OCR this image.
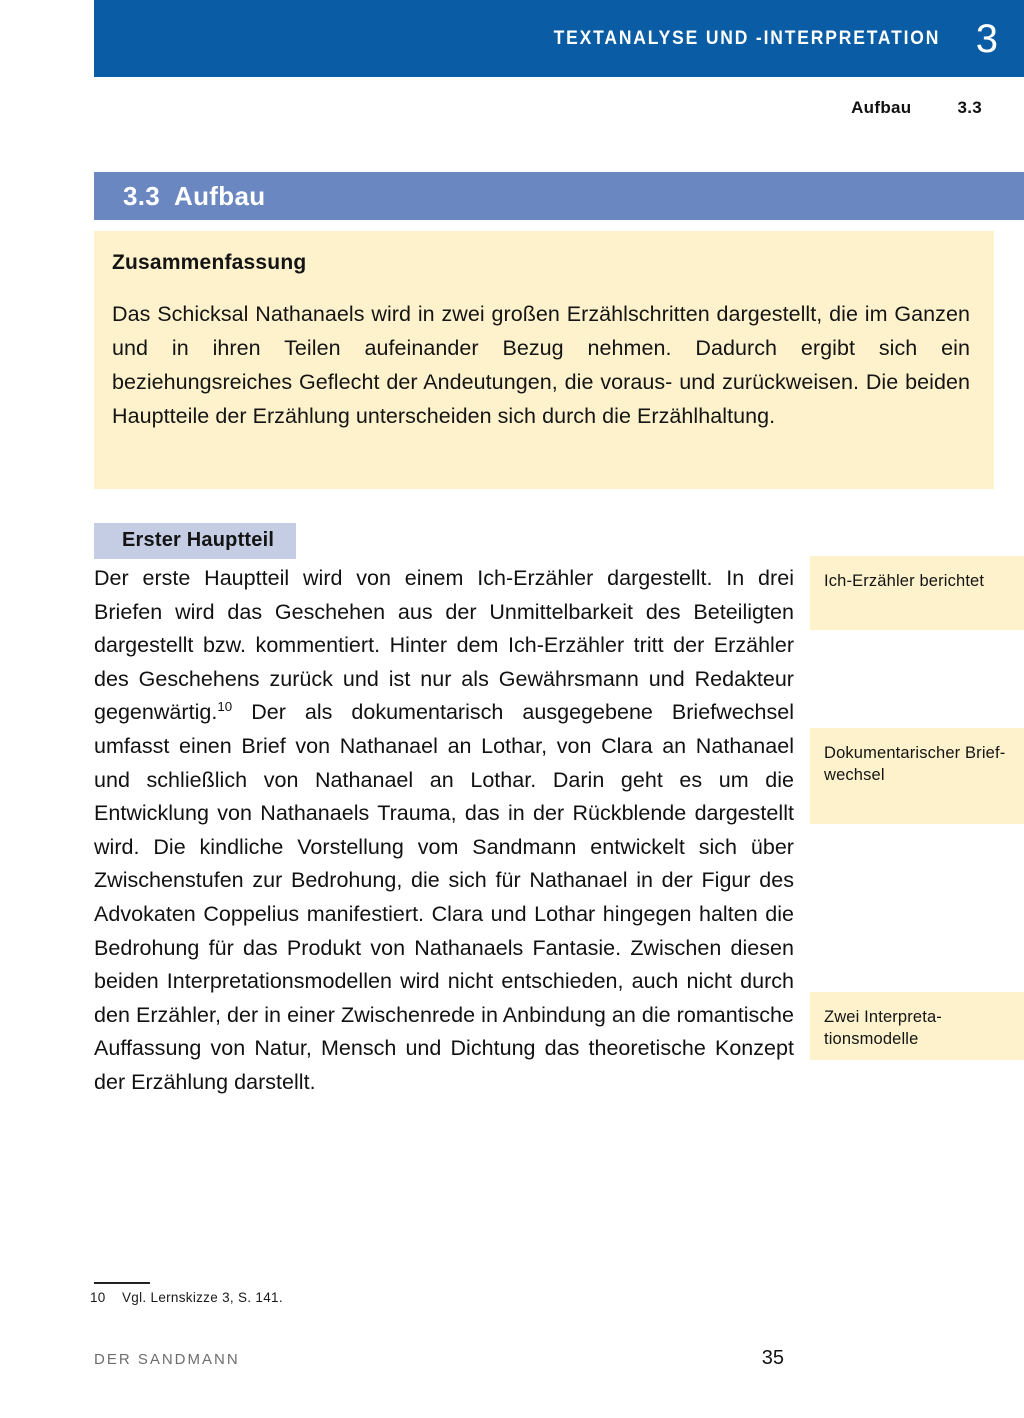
TEXTANALYSE UND -INTERPRETATION 3
Aufbau	3.3
3.3 Aufbau
Zusammenfassung

Das Schicksal Nathanaels wird in zwei großen Erzählschritten dargestellt, die im Ganzen und in ihren Teilen aufeinander Bezug nehmen. Dadurch ergibt sich ein beziehungsreiches Geflecht der Andeutungen, die voraus- und zurückweisen. Die beiden Hauptteile der Erzählung unterscheiden sich durch die Erzählhaltung.

Erster Hauptteil

Der erste Hauptteil wird von einem Ich-Erzähler dargestellt. In drei Briefen wird das Geschehen aus der Unmittelbarkeit des Beteiligten dargestellt bzw. kommentiert. Hinter dem Ich-Erzähler tritt der Erzähler des Geschehens zurück und ist nur als Gewährsmann und Redakteur gegenwärtig.$^{10}$ Der als dokumentarisch ausgegebene Briefwechsel umfasst einen Brief von Nathanael an Lothar, von Clara an Nathanael und schließlich von Nathanael an Lothar. Darin geht es um die Entwicklung von Nathanaels Trauma, das in der Rückblende dargestellt wird. Die kindliche Vorstellung vom Sandmann entwickelt sich über Zwischenstufen zur Bedrohung, die sich für Nathanael in der Figur des Advokaten Coppelius manifestiert. Clara und Lothar hingegen halten die Bedrohung für das Produkt von Nathanaels Fantasie. Zwischen diesen beiden Interpretationsmodellen wird nicht entschieden, auch nicht durch den Erzähler, der in einer Zwischenrede in Anbindung an die romantische Auffassung von Natur, Mensch und Dichtung das theoretische Konzept der Erzählung darstellt.

Ich-Erzähler berichtet
Dokumentarischer Briefwechsel
Zwei Interpretationsmodelle
10	Vgl. Lernskizze 3, S. 141.
DER SANDMANN	35
